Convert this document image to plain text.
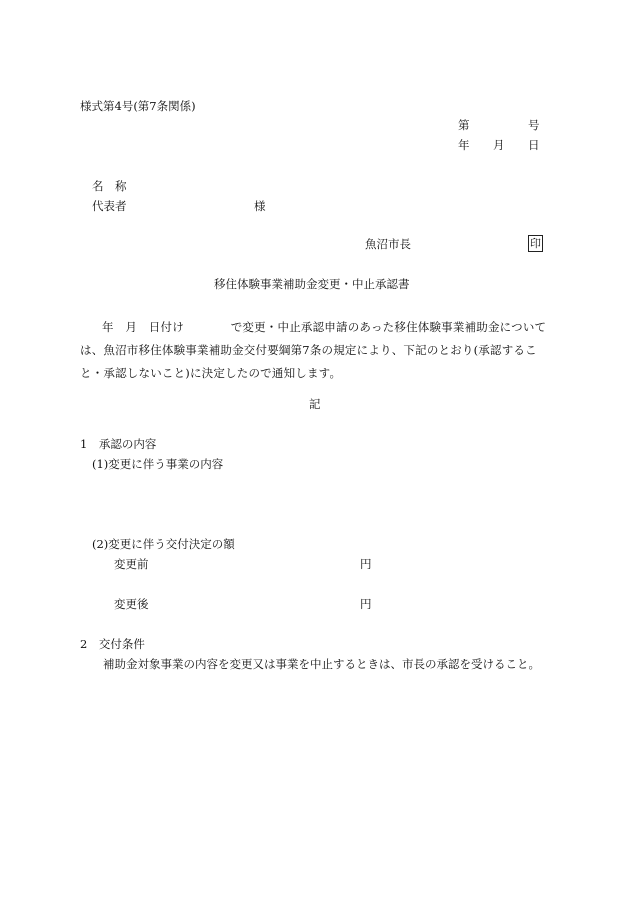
様式第4号(第7条関係)
第	号
年 月 日
名　称
代表者	様
魚沼市長	印
移住体験事業補助金変更・中止承認書
年　月　日付け　　　　で変更・中止承認申請のあった移住体験事業補助金については、魚沼市移住体験事業補助金交付要綱第7条の規定により、下記のとおり(承認すること・承認しないこと)に決定したので通知します。
記
1　承認の内容
(1)変更に伴う事業の内容
(2)変更に伴う交付決定の額
変更前	円
変更後	円
2　交付条件
補助金対象事業の内容を変更又は事業を中止するときは、市長の承認を受けること。
